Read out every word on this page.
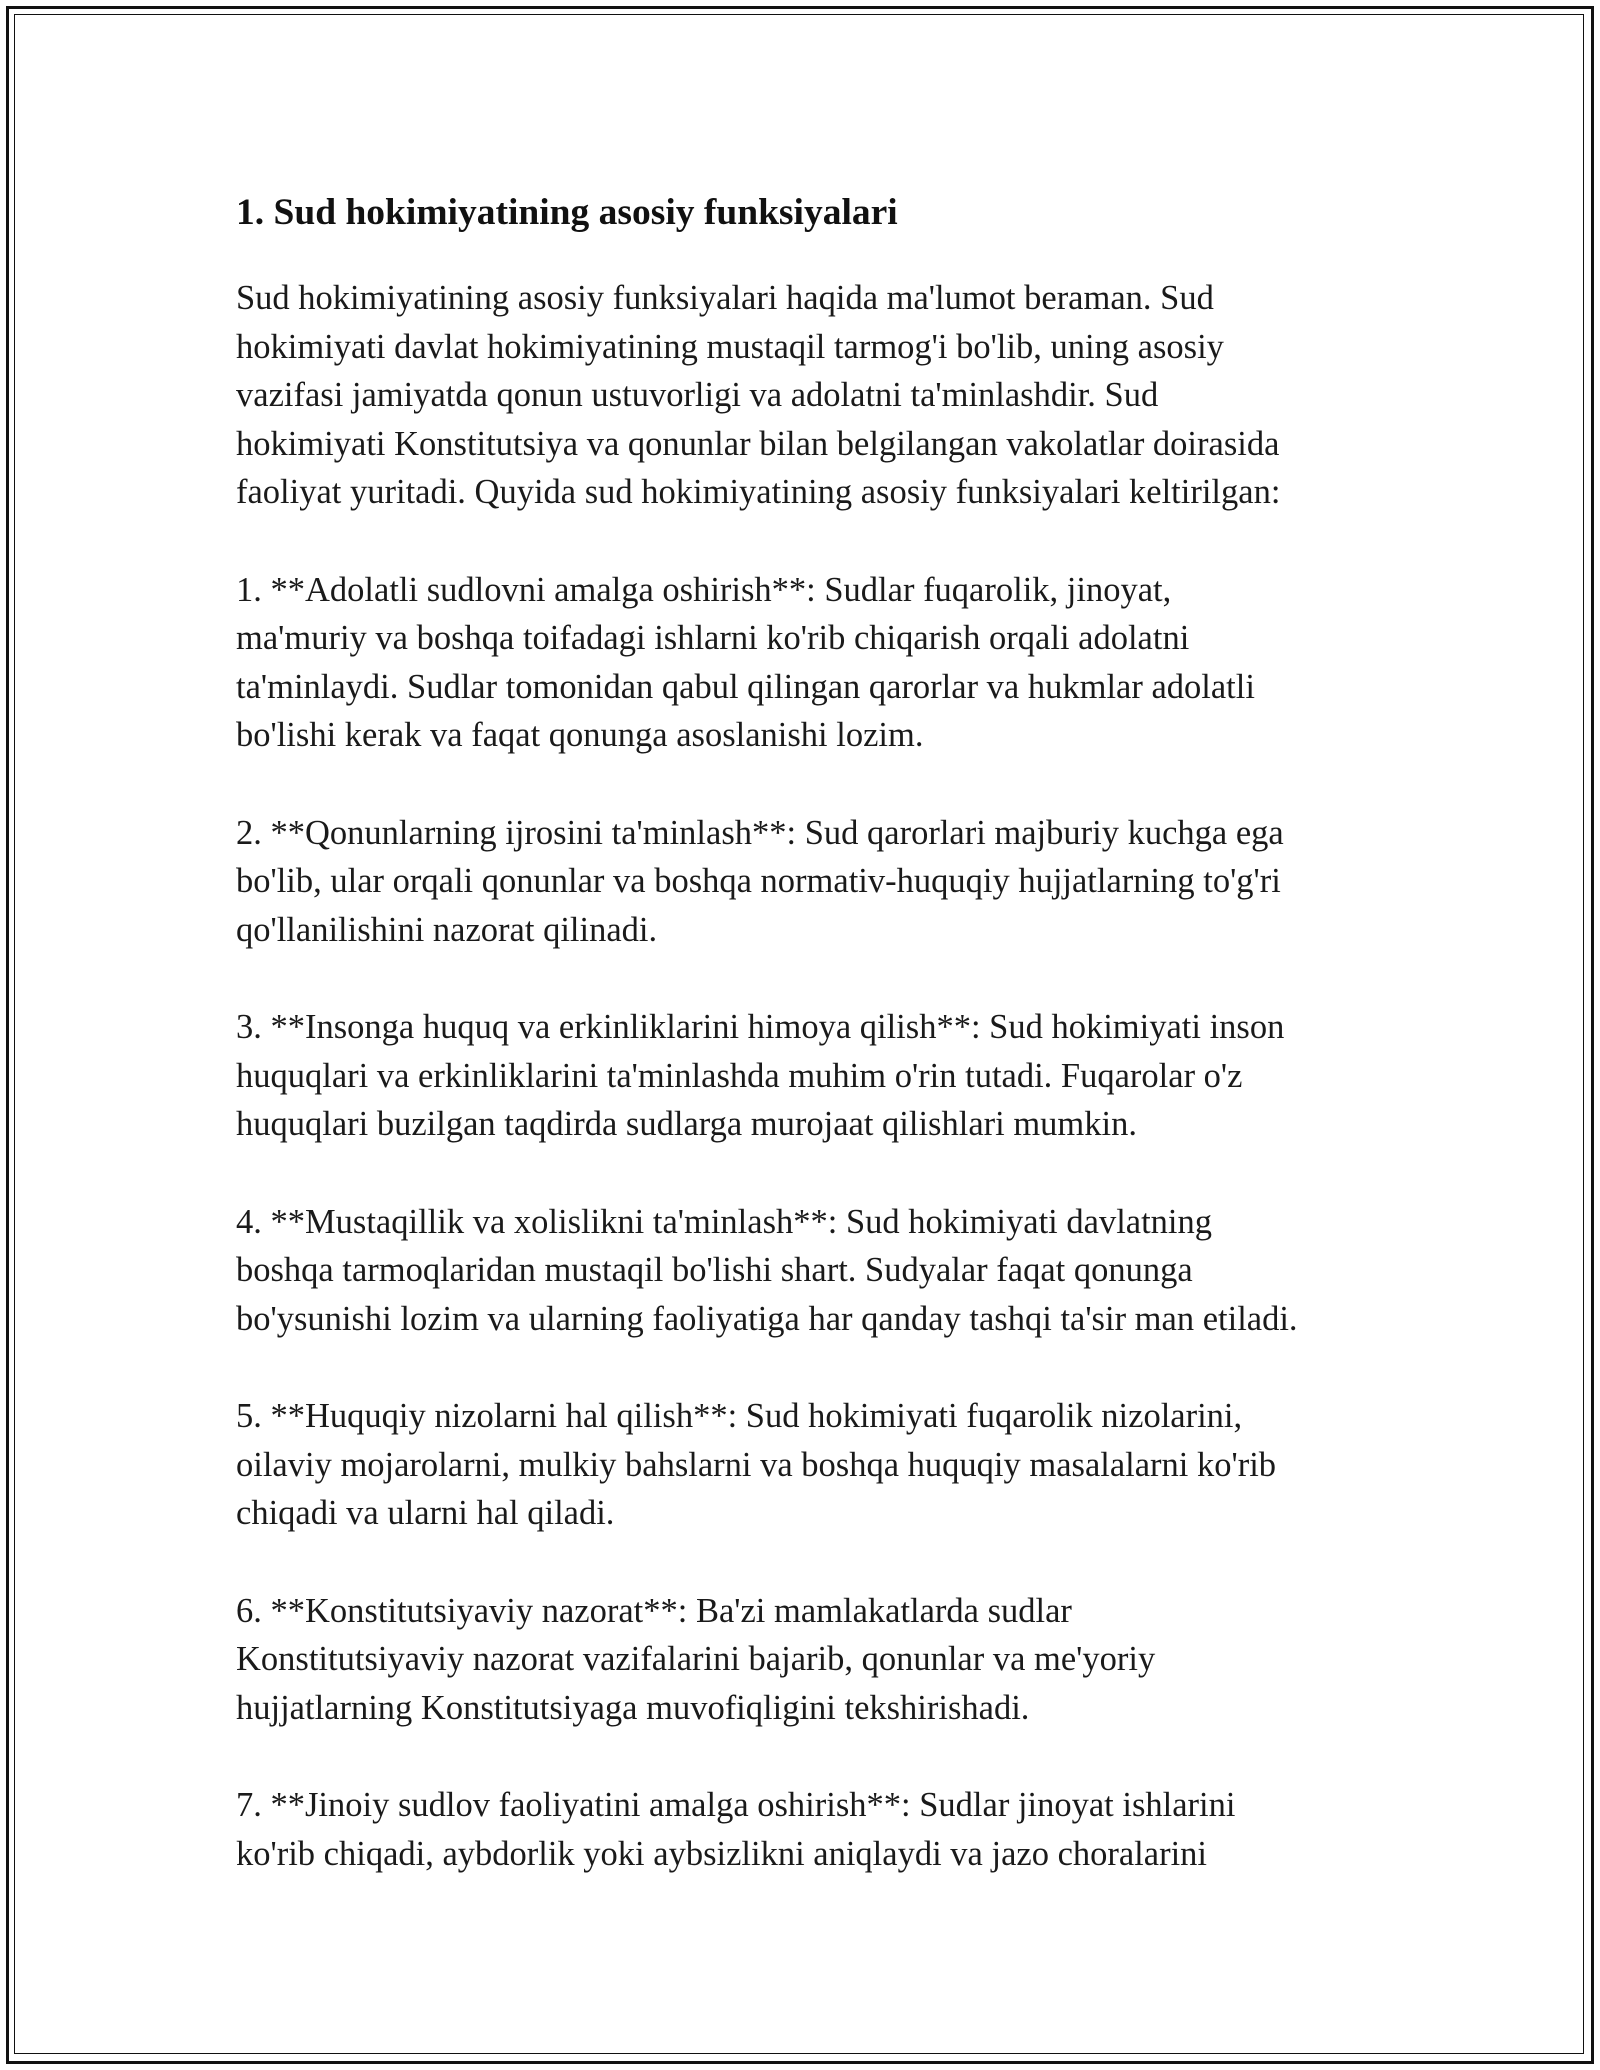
1. Sud hokimiyatining asosiy funksiyalari

Sud hokimiyatining asosiy funksiyalari haqida ma'lumot beraman. Sud
hokimiyati davlat hokimiyatining mustaqil tarmog'i bo'lib, uning asosiy
vazifasi jamiyatda qonun ustuvorligi va adolatni ta'minlashdir. Sud
hokimiyati Konstitutsiya va qonunlar bilan belgilangan vakolatlar doirasida
faoliyat yuritadi. Quyida sud hokimiyatining asosiy funksiyalari keltirilgan:

1. **Adolatli sudlovni amalga oshirish**: Sudlar fuqarolik, jinoyat,
ma'muriy va boshqa toifadagi ishlarni ko'rib chiqarish orqali adolatni
ta'minlaydi. Sudlar tomonidan qabul qilingan qarorlar va hukmlar adolatli
bo'lishi kerak va faqat qonunga asoslanishi lozim.

2. **Qonunlarning ijrosini ta'minlash**: Sud qarorlari majburiy kuchga ega
bo'lib, ular orqali qonunlar va boshqa normativ-huquqiy hujjatlarning to'g'ri
qo'llanilishini nazorat qilinadi.

3. **Insonga huquq va erkinliklarini himoya qilish**: Sud hokimiyati inson
huquqlari va erkinliklarini ta'minlashda muhim o'rin tutadi. Fuqarolar o'z
huquqlari buzilgan taqdirda sudlarga murojaat qilishlari mumkin.

4. **Mustaqillik va xolislikni ta'minlash**: Sud hokimiyati davlatning
boshqa tarmoqlaridan mustaqil bo'lishi shart. Sudyalar faqat qonunga
bo'ysunishi lozim va ularning faoliyatiga har qanday tashqi ta'sir man etiladi.

5. **Huquqiy nizolarni hal qilish**: Sud hokimiyati fuqarolik nizolarini,
oilaviy mojarolarni, mulkiy bahslarni va boshqa huquqiy masalalarni ko'rib
chiqadi va ularni hal qiladi.

6. **Konstitutsiyaviy nazorat**: Ba'zi mamlakatlarda sudlar
Konstitutsiyaviy nazorat vazifalarini bajarib, qonunlar va me'yoriy
hujjatlarning Konstitutsiyaga muvofiqligini tekshirishadi.

7. **Jinoiy sudlov faoliyatini amalga oshirish**: Sudlar jinoyat ishlarini
ko'rib chiqadi, aybdorlik yoki aybsizlikni aniqlaydi va jazo choralarini
